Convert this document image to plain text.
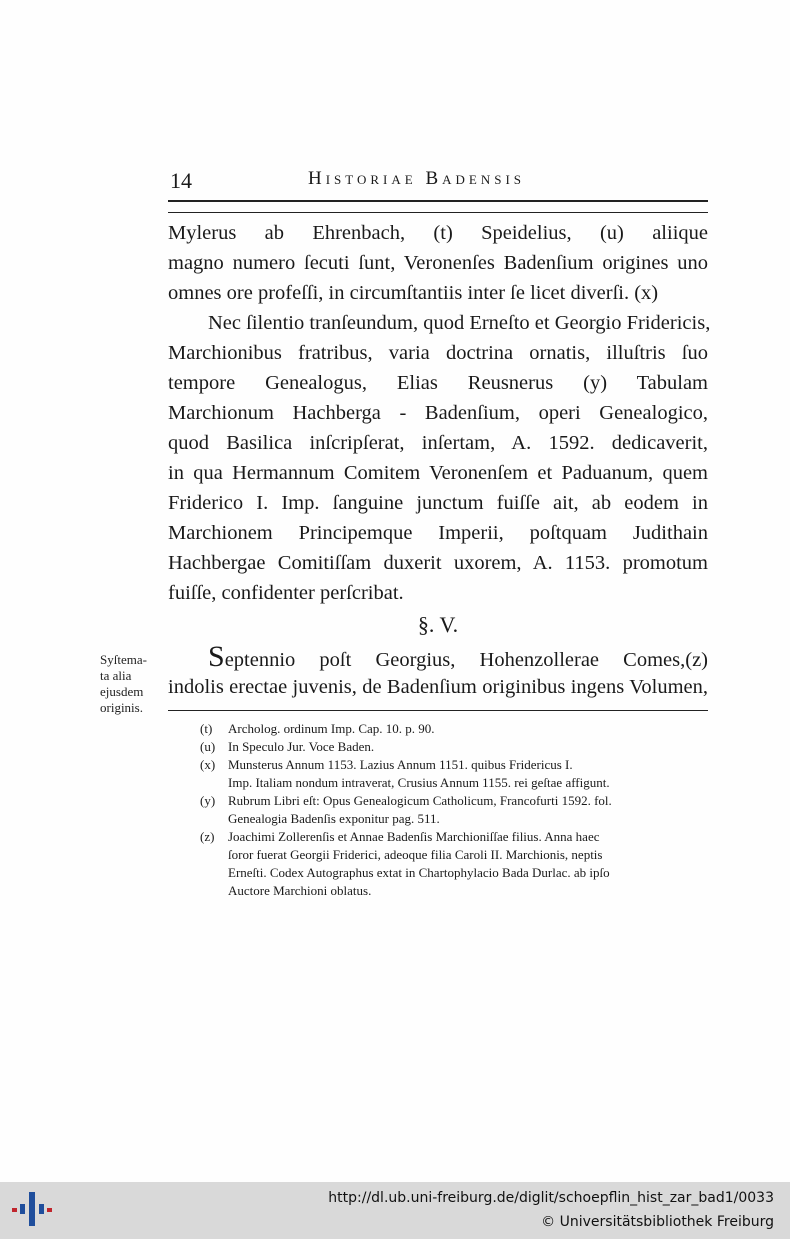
14	Historiae Badensis

Mylerus ab Ehrenbach, (t) Speidelius, (u) aliique
magno numero ſecuti ſunt, Veronenſes Badenſium origines uno
omnes ore profeſſi, in circumſtantiis inter ſe licet diverſi. (x)

Nec ſilentio tranſeundum, quod Erneſto et Georgio Fridericis,
Marchionibus fratribus, varia doctrina ornatis, illuſtris ſuo
tempore Genealogus, Elias Reusnerus (y) Tabulam
Marchionum Hachberga - Badenſium, operi Genealogico,
quod Basilica inſcripſerat, inſertam, A. 1592. dedicaverit,
in qua Hermannum Comitem Veronenſem et Paduanum, quem
Friderico I. Imp. ſanguine junctum fuiſſe ait, ab eodem in
Marchionem Principemque Imperii, poſtquam Judithain
Hachbergae Comitiſſam duxerit uxorem, A. 1153. promotum
fuiſſe, confidenter perſcribat.

§. V.

Septennio poſt Georgius, Hohenzollerae Comes,(z)
indolis erectae juvenis, de Badenſium originibus ingens Volumen,

Syſtema-
ta alia
ejusdem
originis.
(t) Archolog. ordinum Imp. Cap. 10. p. 90.
(u) In Speculo Jur. Voce Baden.
(x) Munsterus Annum 1153. Lazius Annum 1151. quibus Fridericus I.
Imp. Italiam nondum intraverat, Crusius Annum 1155. rei geſtae affigunt.
(y) Rubrum Libri eſt: Opus Genealogicum Catholicum, Francofurti 1592. fol.
Genealogia Badenſis exponitur pag. 511.
(z) Joachimi Zollerenſis et Annae Badenſis Marchioniſſae filius. Anna haec
ſoror fuerat Georgii Friderici, adeoque filia Caroli II. Marchionis, neptis
Erneſti. Codex Autographus extat in Chartophylacio Bada Durlac. ab ipſo
Auctore Marchioni oblatus.
http://dl.ub.uni-freiburg.de/diglit/schoepflin_hist_zar_bad1/0033
© Universitätsbibliothek Freiburg
